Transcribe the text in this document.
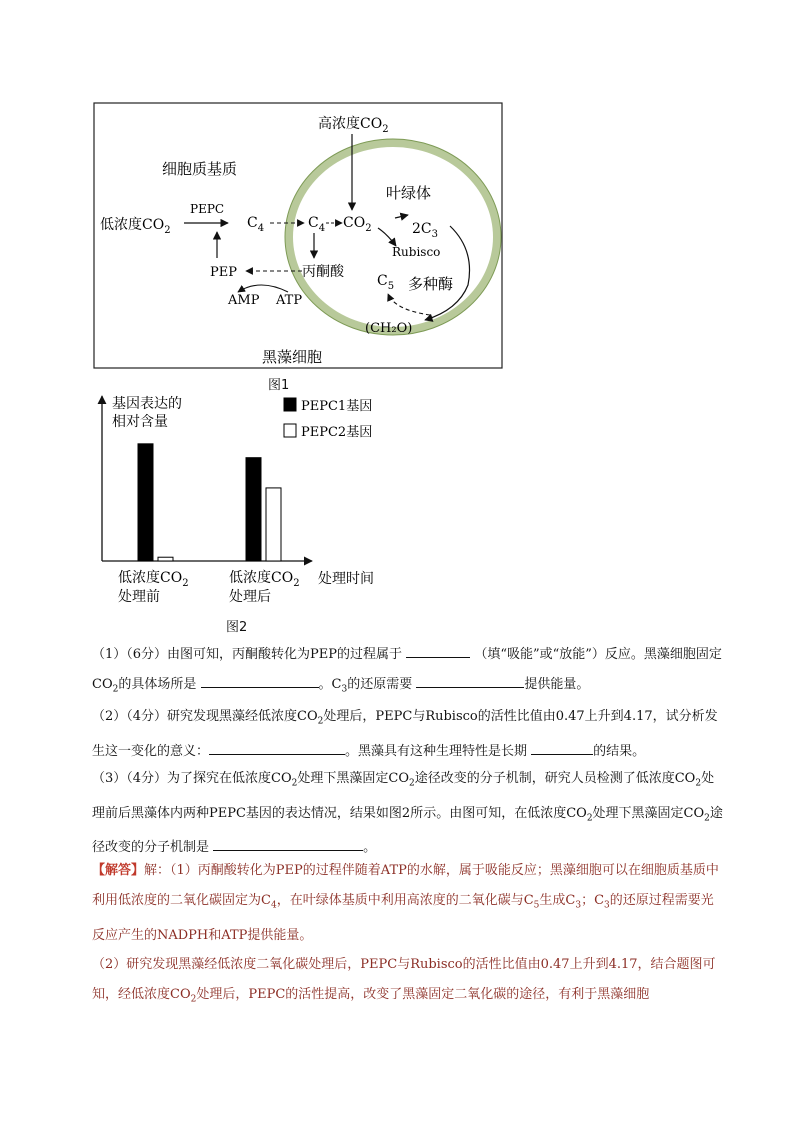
细胞质基质
叶绿体
黑藻细胞
高浓度$CO_2$
低浓度$CO_2$
PEPC
$C_4$	$C_4$ $CO_2$	$2C_3$
Rubisco
$C_5$ 多种酶
(CH₂O)
丙酮酸
PEP
AMP ATP
图1
基因表达的
相对含量
PEPC1基因
PEPC2基因
低浓度$CO_2$
处理前
低浓度$CO_2$
处理后
处理时间
图2
（1）（6分）由图可知，丙酮酸转化为PEP的过程属于	（填“吸能”或“放能”）反应。黑藻细胞固定$CO_2$的具体场所是	。$C_3$的还原需要	提供能量。
（2）（4分）研究发现黑藻经低浓度$CO_2$处理后，PEPC与Rubisco的活性比值由0.47上升到4.17，试分析发生这一变化的意义：	。黑藻具有这种生理特性是长期	的结果。
（3）（4分）为了探究在低浓度$CO_2$处理下黑藻固定$CO_2$途径改变的分子机制，研究人员检测了低浓度$CO_2$处理前后黑藻体内两种PEPC基因的表达情况，结果如图2所示。由图可知，在低浓度$CO_2$处理下黑藻固定$CO_2$途径改变的分子机制是	。
【解答】解：（1）丙酮酸转化为PEP的过程伴随着ATP的水解，属于吸能反应；黑藻细胞可以在细胞质基质中利用低浓度的二氧化碳固定为$C_4$，在叶绿体基质中利用高浓度的二氧化碳与$C_5$生成$C_3$；$C_3$的还原过程需要光反应产生的NADPH和ATP提供能量。
（2）研究发现黑藻经低浓度二氧化碳处理后，PEPC与Rubisco的活性比值由0.47上升到4.17，结合题图可知，经低浓度$CO_2$处理后，PEPC的活性提高，改变了黑藻固定二氧化碳的途径，有利于黑藻细胞
